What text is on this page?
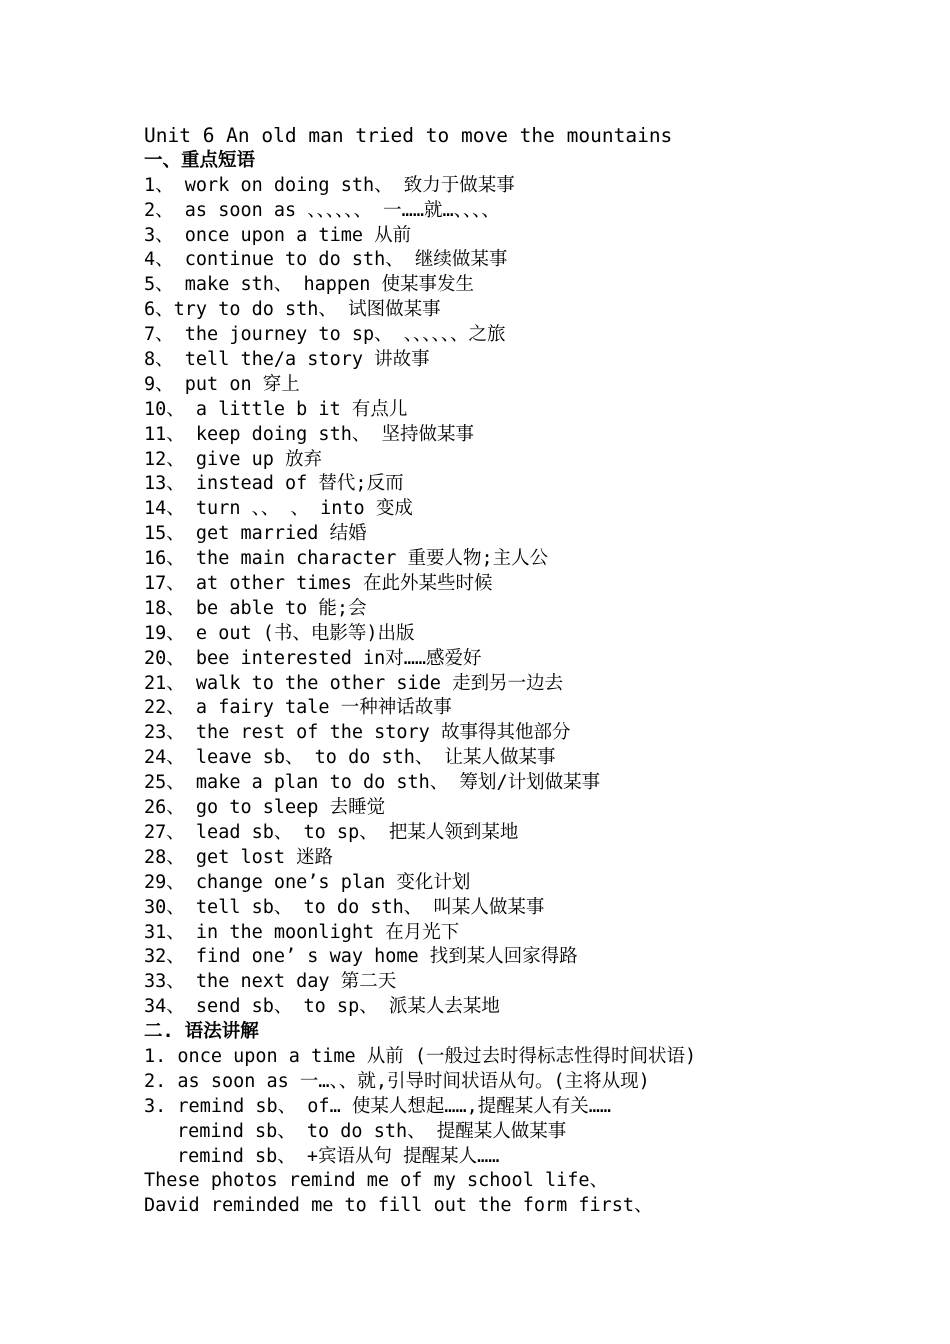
Unit 6 An old man tried to move the mountains
一、重点短语
1、 work on doing sth、 致力于做某事
2、 as soon as 、、、、、、 一……就…、、、、
3、 once upon a time 从前
4、 continue to do sth、 继续做某事
5、 make sth、 happen 使某事发生
6、try to do sth、 试图做某事
7、 the journey to sp、 、、、、、、之旅
8、 tell the/a story 讲故事
9、 put on 穿上
10、 a little b it 有点儿
11、 keep doing sth、 坚持做某事
12、 give up 放弃
13、 instead of 替代;反而
14、 turn 、、 、 into 变成
15、 get married 结婚
16、 the main character 重要人物;主人公
17、 at other times 在此外某些时候
18、 be able to 能;会
19、 e out (书、电影等)出版
20、 bee interested in对……感爱好
21、 walk to the other side 走到另一边去
22、 a fairy tale 一种神话故事
23、 the rest of the story 故事得其他部分
24、 leave sb、 to do sth、 让某人做某事
25、 make a plan to do sth、 筹划/计划做某事
26、 go to sleep 去睡觉
27、 lead sb、 to sp、 把某人领到某地
28、 get lost 迷路
29、 change one’s plan 变化计划
30、 tell sb、 to do sth、 叫某人做某事
31、 in the moonlight 在月光下
32、 find one’ s way home 找到某人回家得路
33、 the next day 第二天
34、 send sb、 to sp、 派某人去某地
二. 语法讲解
1. once upon a time 从前 (一般过去时得标志性得时间状语)
2. as soon as 一…、、就,引导时间状语从句。(主将从现)
3. remind sb、 of… 使某人想起……,提醒某人有关……
remind sb、 to do sth、 提醒某人做某事
remind sb、 +宾语从句 提醒某人……
These photos remind me of my school life、
David reminded me to fill out the form first、
